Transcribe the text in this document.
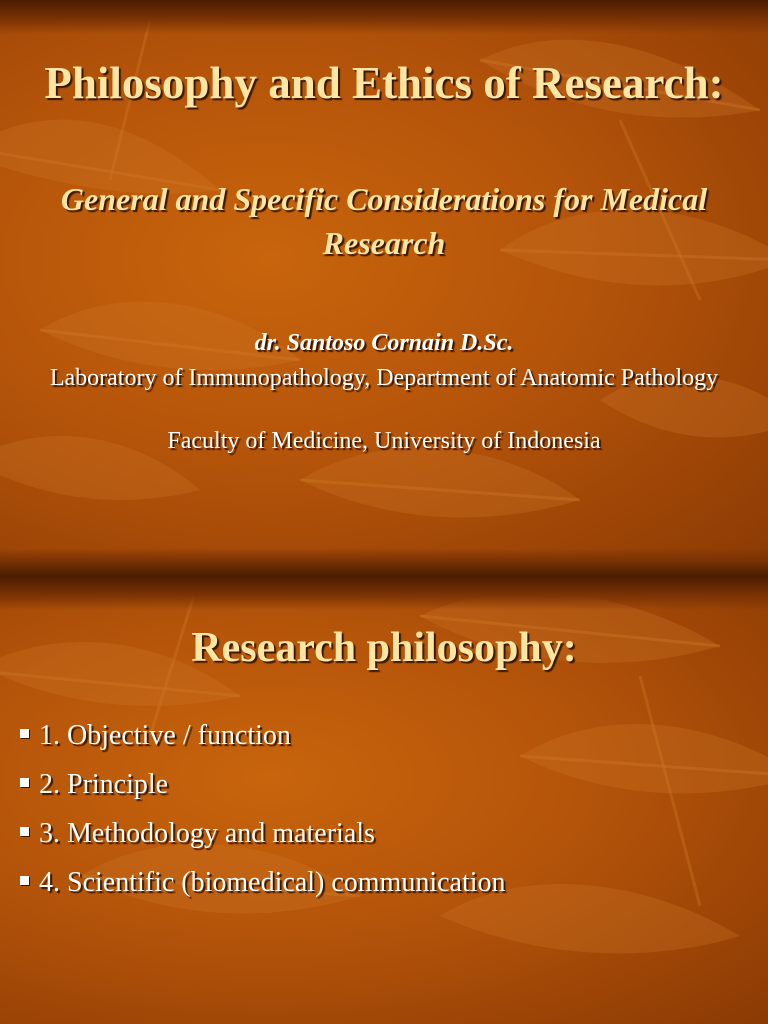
Philosophy and Ethics of Research:
General and Specific Considerations for Medical Research

dr. Santoso Cornain D.Sc.

Laboratory of Immunopathology, Department of Anatomic Pathology

Faculty of Medicine, University of Indonesia

Research philosophy:
1. Objective / function
2. Principle
3. Methodology and materials
4. Scientific (biomedical) communication
